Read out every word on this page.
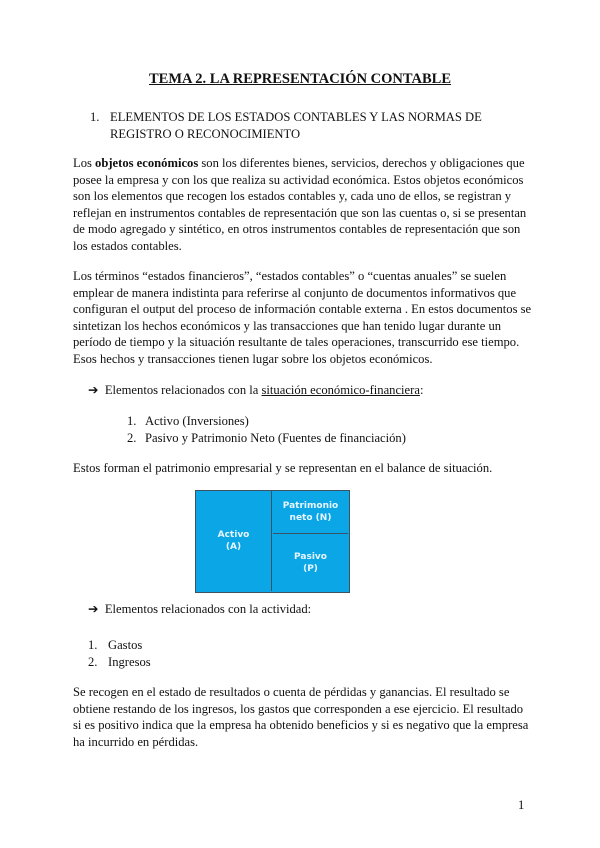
TEMA 2. LA REPRESENTACIÓN CONTABLE
1. ELEMENTOS DE LOS ESTADOS CONTABLES Y LAS NORMAS DE
REGISTRO O RECONOCIMIENTO

Los objetos económicos son los diferentes bienes, servicios, derechos y obligaciones que posee la empresa y con los que realiza su actividad económica. Estos objetos económicos son los elementos que recogen los estados contables y, cada uno de ellos, se registran y reflejan en instrumentos contables de representación que son las cuentas o, si se presentan de modo agregado y sintético, en otros instrumentos contables de representación que son los estados contables.

Los términos “estados financieros”, “estados contables” o “cuentas anuales” se suelen emplear de manera indistinta para referirse al conjunto de documentos informativos que configuran el output del proceso de información contable externa . En estos documentos se sintetizan los hechos económicos y las transacciones que han tenido lugar durante un período de tiempo y la situación resultante de tales operaciones, transcurrido ese tiempo. Esos hechos y transacciones tienen lugar sobre los objetos económicos.

➔ Elementos relacionados con la situación económico-financiera:
1. Activo (Inversiones)
2. Pasivo y Patrimonio Neto (Fuentes de financiación)

Estos forman el patrimonio empresarial y se representan en el balance de situación.

Activo
(A)
Patrimonio
neto (N)
Pasivo
(P)
➔ Elementos relacionados con la actividad:
1. Gastos
2. Ingresos

Se recogen en el estado de resultados o cuenta de pérdidas y ganancias. El resultado se obtiene restando de los ingresos, los gastos que corresponden a ese ejercicio. El resultado si es positivo indica que la empresa ha obtenido beneficios y si es negativo que la empresa ha incurrido en pérdidas.

1
